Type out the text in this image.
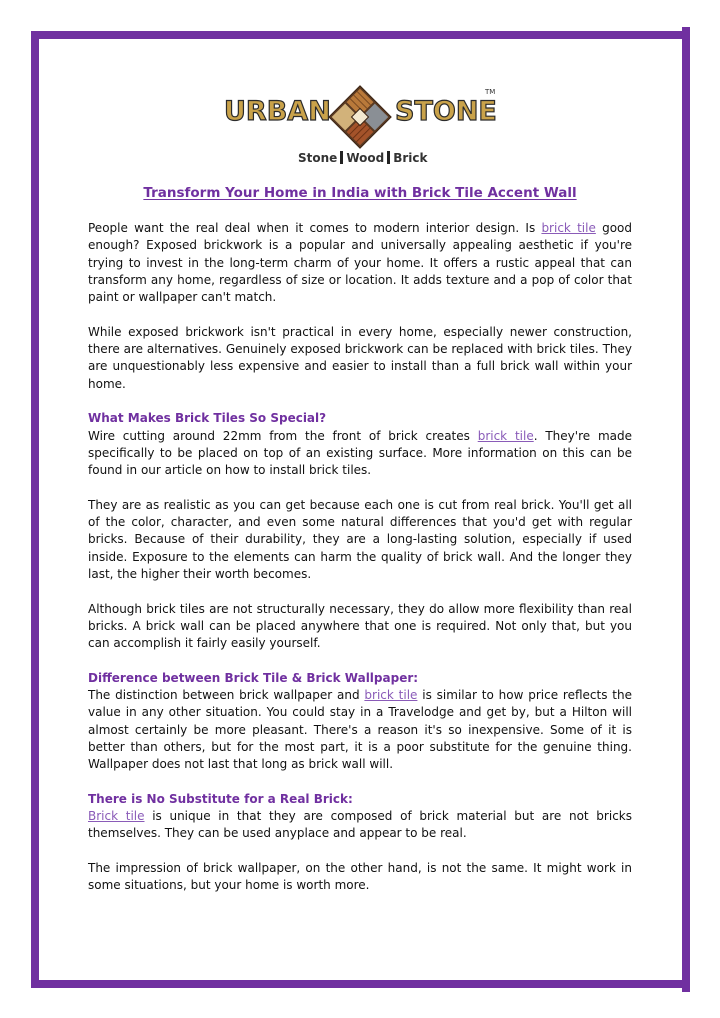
URBAN STONE
TM
Stone Wood Brick
Transform Your Home in India with Brick Tile Accent Wall

People want the real deal when it comes to modern interior design. Is brick tile good enough? Exposed brickwork is a popular and universally appealing aesthetic if you're trying to invest in the long-term charm of your home. It offers a rustic appeal that can transform any home, regardless of size or location. It adds texture and a pop of color that paint or wallpaper can't match.

While exposed brickwork isn't practical in every home, especially newer construction, there are alternatives. Genuinely exposed brickwork can be replaced with brick tiles. They are unquestionably less expensive and easier to install than a full brick wall within your home.

What Makes Brick Tiles So Special?

Wire cutting around 22mm from the front of brick creates brick tile. They're made specifically to be placed on top of an existing surface. More information on this can be found in our article on how to install brick tiles.

They are as realistic as you can get because each one is cut from real brick. You'll get all of the color, character, and even some natural differences that you'd get with regular bricks. Because of their durability, they are a long-lasting solution, especially if used inside. Exposure to the elements can harm the quality of brick wall. And the longer they last, the higher their worth becomes.

Although brick tiles are not structurally necessary, they do allow more flexibility than real bricks. A brick wall can be placed anywhere that one is required. Not only that, but you can accomplish it fairly easily yourself.

Difference between Brick Tile & Brick Wallpaper:

The distinction between brick wallpaper and brick tile is similar to how price reflects the value in any other situation. You could stay in a Travelodge and get by, but a Hilton will almost certainly be more pleasant. There's a reason it's so inexpensive. Some of it is better than others, but for the most part, it is a poor substitute for the genuine thing. Wallpaper does not last that long as brick wall will.

There is No Substitute for a Real Brick:

Brick tile is unique in that they are composed of brick material but are not bricks themselves. They can be used anyplace and appear to be real.

The impression of brick wallpaper, on the other hand, is not the same. It might work in some situations, but your home is worth more.
